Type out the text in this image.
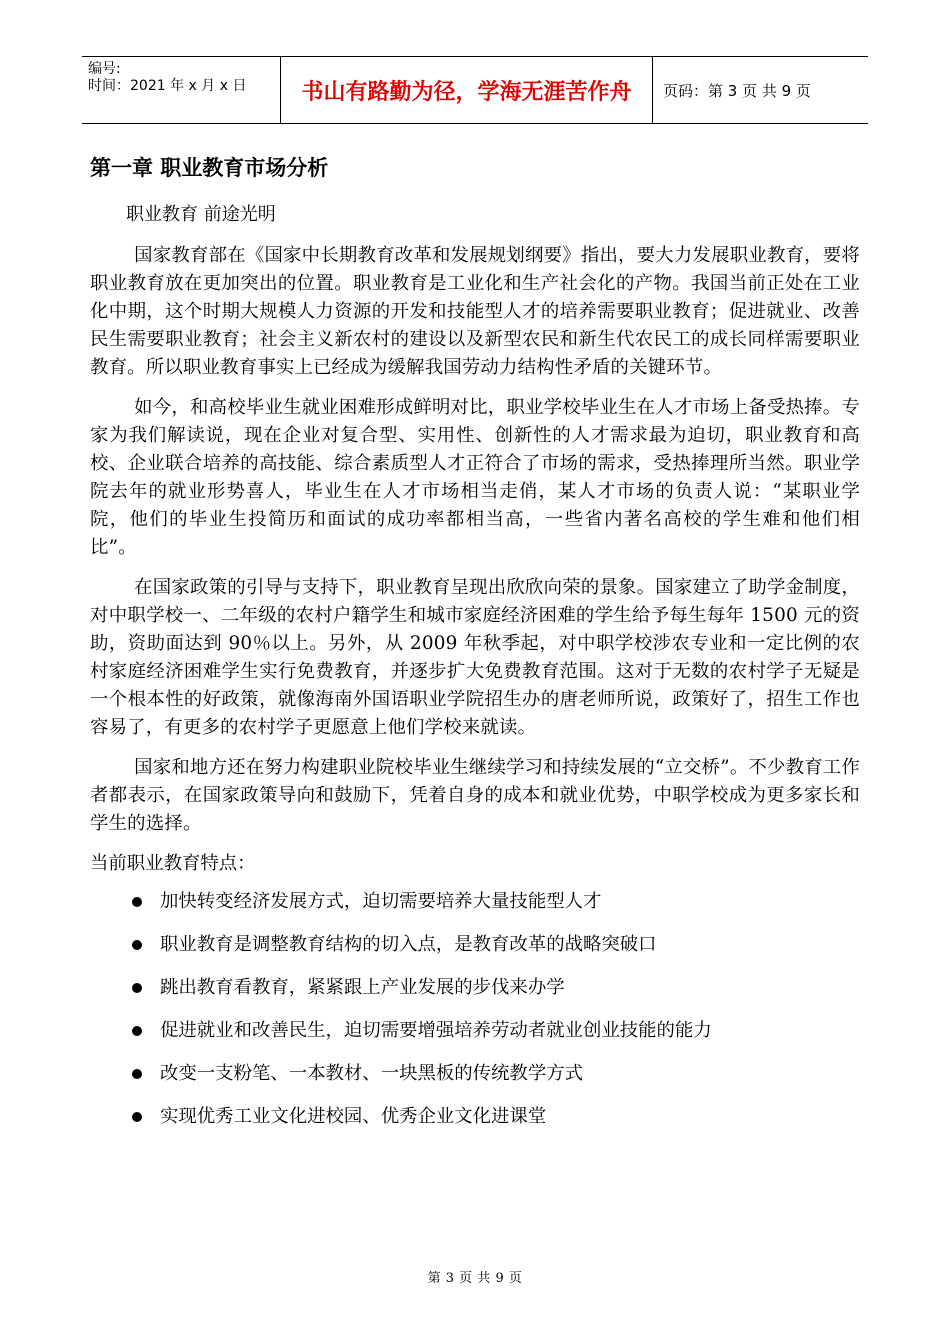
编号:
时间：2021 年 x 月 x 日	书山有路勤为径，学海无涯苦作舟	页码：第 3 页 共 9 页
第一章 职业教育市场分析
职业教育 前途光明

国家教育部在《国家中长期教育改革和发展规划纲要》指出，要大力发展职业教育，要将职业教育放在更加突出的位置。职业教育是工业化和生产社会化的产物。我国当前正处在工业化中期，这个时期大规模人力资源的开发和技能型人才的培养需要职业教育；促进就业、改善民生需要职业教育；社会主义新农村的建设以及新型农民和新生代农民工的成长同样需要职业教育。所以职业教育事实上已经成为缓解我国劳动力结构性矛盾的关键环节。

如今，和高校毕业生就业困难形成鲜明对比，职业学校毕业生在人才市场上备受热捧。专家为我们解读说，现在企业对复合型、实用性、创新性的人才需求最为迫切，职业教育和高校、企业联合培养的高技能、综合素质型人才正符合了市场的需求，受热捧理所当然。职业学院去年的就业形势喜人，毕业生在人才市场相当走俏，某人才市场的负责人说：“某职业学院，他们的毕业生投简历和面试的成功率都相当高，一些省内著名高校的学生难和他们相比”。

在国家政策的引导与支持下，职业教育呈现出欣欣向荣的景象。国家建立了助学金制度，对中职学校一、二年级的农村户籍学生和城市家庭经济困难的学生给予每生每年 1500 元的资助，资助面达到 90％以上。另外，从 2009 年秋季起，对中职学校涉农专业和一定比例的农村家庭经济困难学生实行免费教育，并逐步扩大免费教育范围。这对于无数的农村学子无疑是一个根本性的好政策，就像海南外国语职业学院招生办的唐老师所说，政策好了，招生工作也容易了，有更多的农村学子更愿意上他们学校来就读。

国家和地方还在努力构建职业院校毕业生继续学习和持续发展的“立交桥”。不少教育工作者都表示，在国家政策导向和鼓励下，凭着自身的成本和就业优势，中职学校成为更多家长和学生的选择。

当前职业教育特点：
加快转变经济发展方式，迫切需要培养大量技能型人才
职业教育是调整教育结构的切入点，是教育改革的战略突破口
跳出教育看教育，紧紧跟上产业发展的步伐来办学
促进就业和改善民生，迫切需要增强培养劳动者就业创业技能的能力
改变一支粉笔、一本教材、一块黑板的传统教学方式
实现优秀工业文化进校园、优秀企业文化进课堂
第 3 页 共 9 页
